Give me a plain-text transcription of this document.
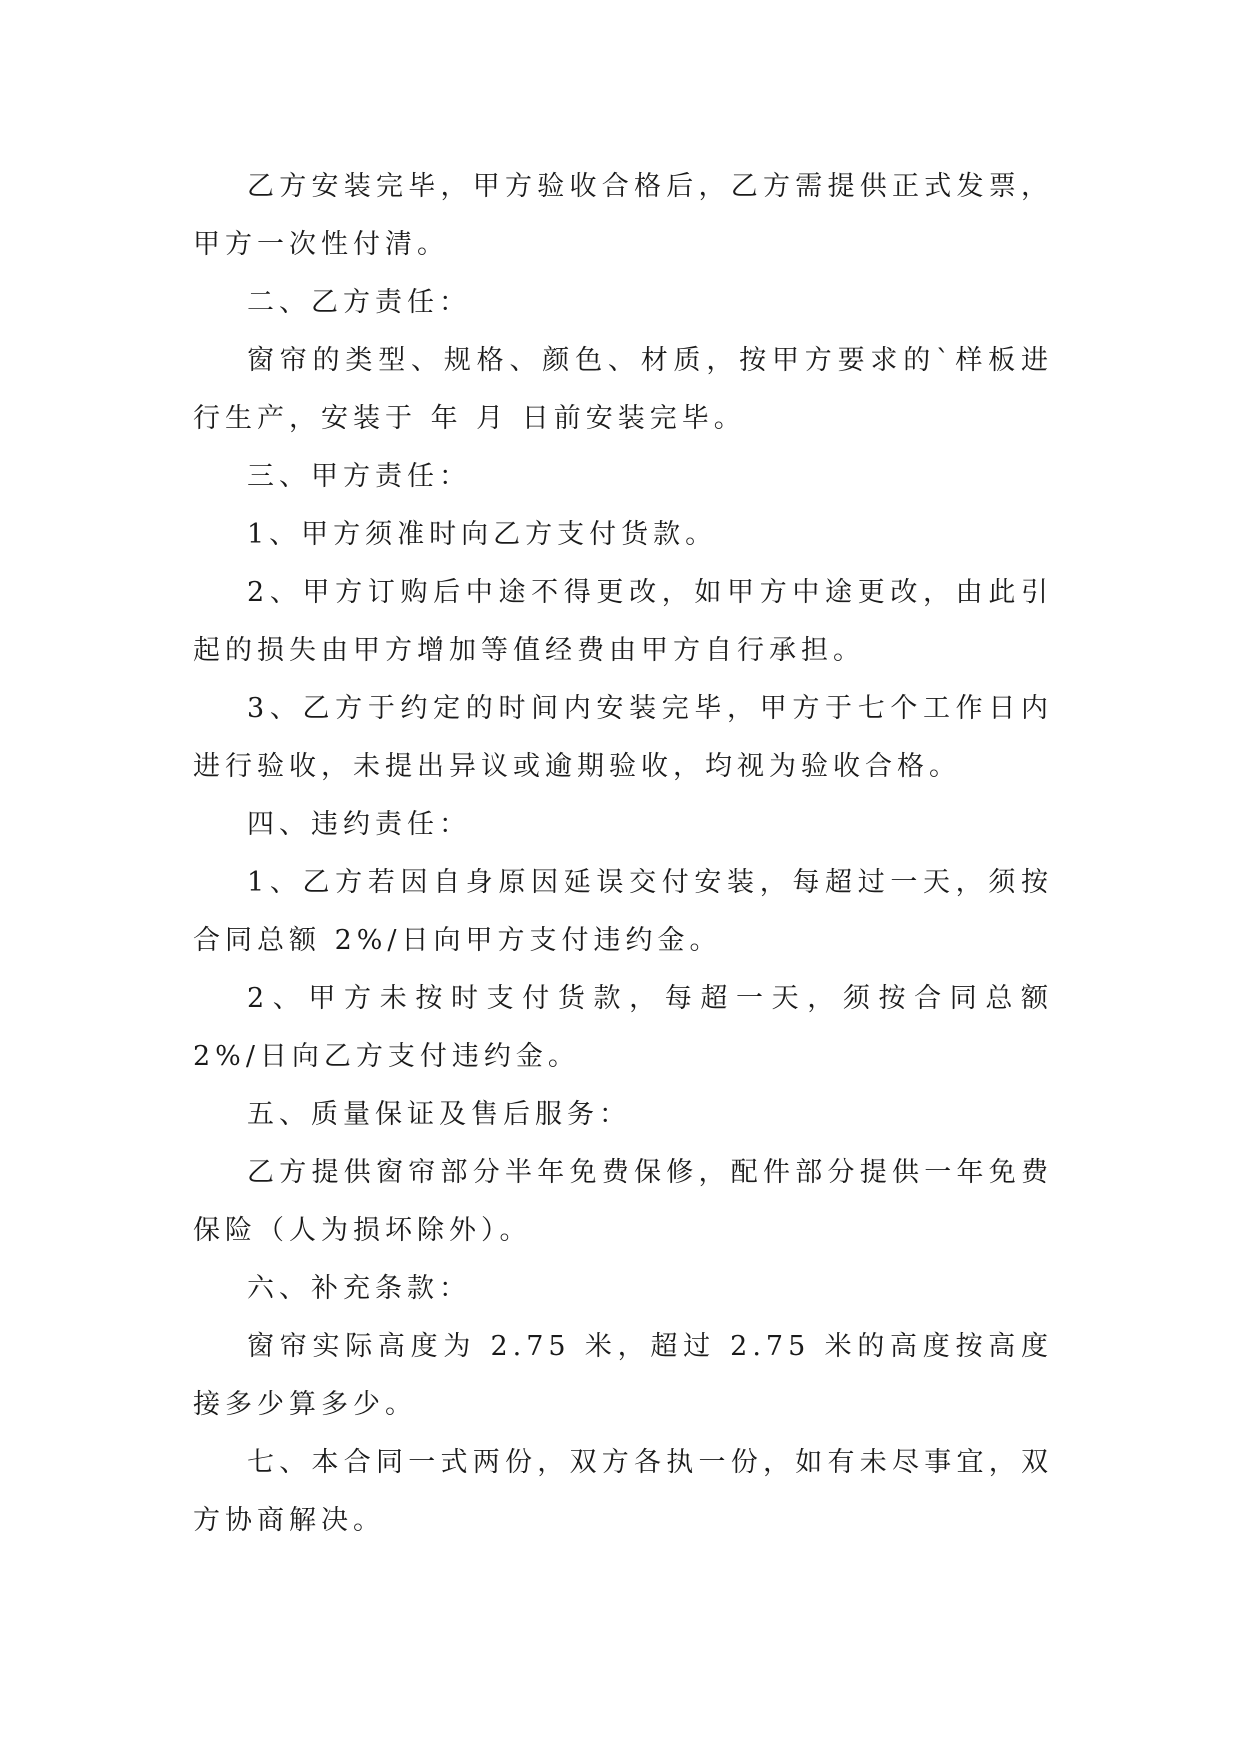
乙方安装完毕，甲方验收合格后，乙方需提供正式发票，甲方一次性付清。

二、乙方责任：

窗帘的类型、规格、颜色、材质，按甲方要求的`样板进行生产，安装于 年 月 日前安装完毕。

三、甲方责任：

1、甲方须准时向乙方支付货款。

2、甲方订购后中途不得更改，如甲方中途更改，由此引起的损失由甲方增加等值经费由甲方自行承担。

3、乙方于约定的时间内安装完毕，甲方于七个工作日内进行验收，未提出异议或逾期验收，均视为验收合格。

四、违约责任：

1、乙方若因自身原因延误交付安装，每超过一天，须按合同总额 2%/日向甲方支付违约金。

2、甲方未按时支付货款，每超一天，须按合同总额 2%/日向乙方支付违约金。

五、质量保证及售后服务：

乙方提供窗帘部分半年免费保修，配件部分提供一年免费保险（人为损坏除外）。

六、补充条款：

窗帘实际高度为 2.75 米，超过 2.75 米的高度按高度接多少算多少。

七、本合同一式两份，双方各执一份，如有未尽事宜，双方协商解决。
